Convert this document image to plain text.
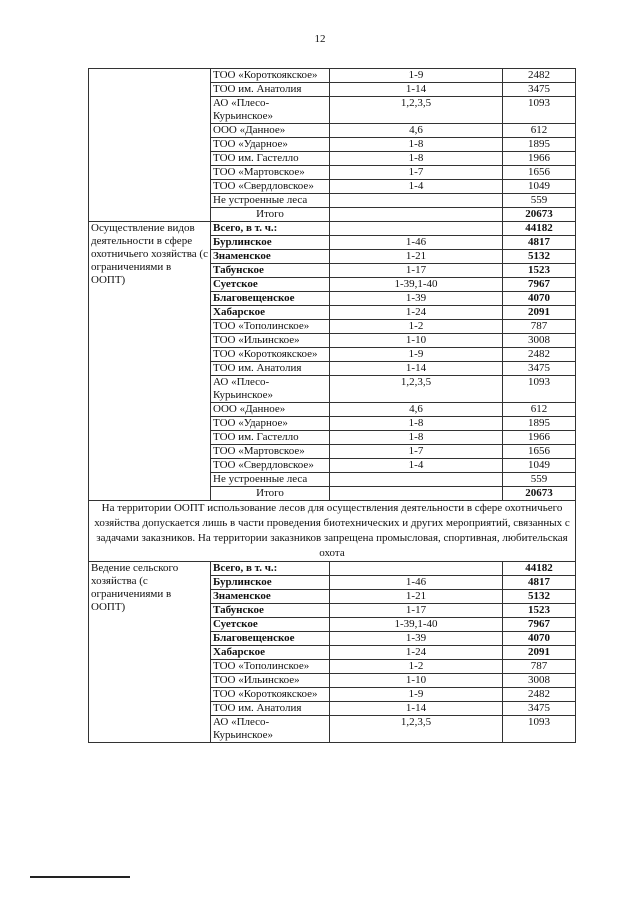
12
	ТОО «Короткоякское»	1-9	2482
	ТОО им. Анатолия	1-14	3475
	АО «Плесо-Курьинское»	1,2,3,5	1093
	ООО «Данное»	4,6	612
	ТОО «Ударное»	1-8	1895
	ТОО им. Гастелло	1-8	1966
	ТОО «Мартовское»	1-7	1656
	ТОО «Свердловское»	1-4	1049
	Не устроенные леса		559
	Итого		20673
Осуществление видов деятельности в сфере охотничьего хозяйства (с ограничениями в ООПТ)	Всего, в т. ч.:		44182
	Бурлинское	1-46	4817
	Знаменское	1-21	5132
	Табунское	1-17	1523
	Суетское	1-39,1-40	7967
	Благовещенское	1-39	4070
	Хабарское	1-24	2091
	ТОО «Тополинское»	1-2	787
	ТОО «Ильинское»	1-10	3008
	ТОО «Короткоякское»	1-9	2482
	ТОО им. Анатолия	1-14	3475
	АО «Плесо-Курьинское»	1,2,3,5	1093
	ООО «Данное»	4,6	612
	ТОО «Ударное»	1-8	1895
	ТОО им. Гастелло	1-8	1966
	ТОО «Мартовское»	1-7	1656
	ТОО «Свердловское»	1-4	1049
	Не устроенные леса		559
	Итого		20673
На территории ООПТ использование лесов для осуществления деятельности в сфере охотничьего хозяйства допускается лишь в части проведения биотехнических и других мероприятий, связанных с задачами заказников. На территории заказников запрещена промысловая, спортивная, любительская охота			
Ведение сельского хозяйства (с ограничениями в ООПТ)	Всего, в т. ч.:		44182
	Бурлинское	1-46	4817
	Знаменское	1-21	5132
	Табунское	1-17	1523
	Суетское	1-39,1-40	7967
	Благовещенское	1-39	4070
	Хабарское	1-24	2091
	ТОО «Тополинское»	1-2	787
	ТОО «Ильинское»	1-10	3008
	ТОО «Короткоякское»	1-9	2482
	ТОО им. Анатолия	1-14	3475
	АО «Плесо-Курьинское»	1,2,3,5	1093
